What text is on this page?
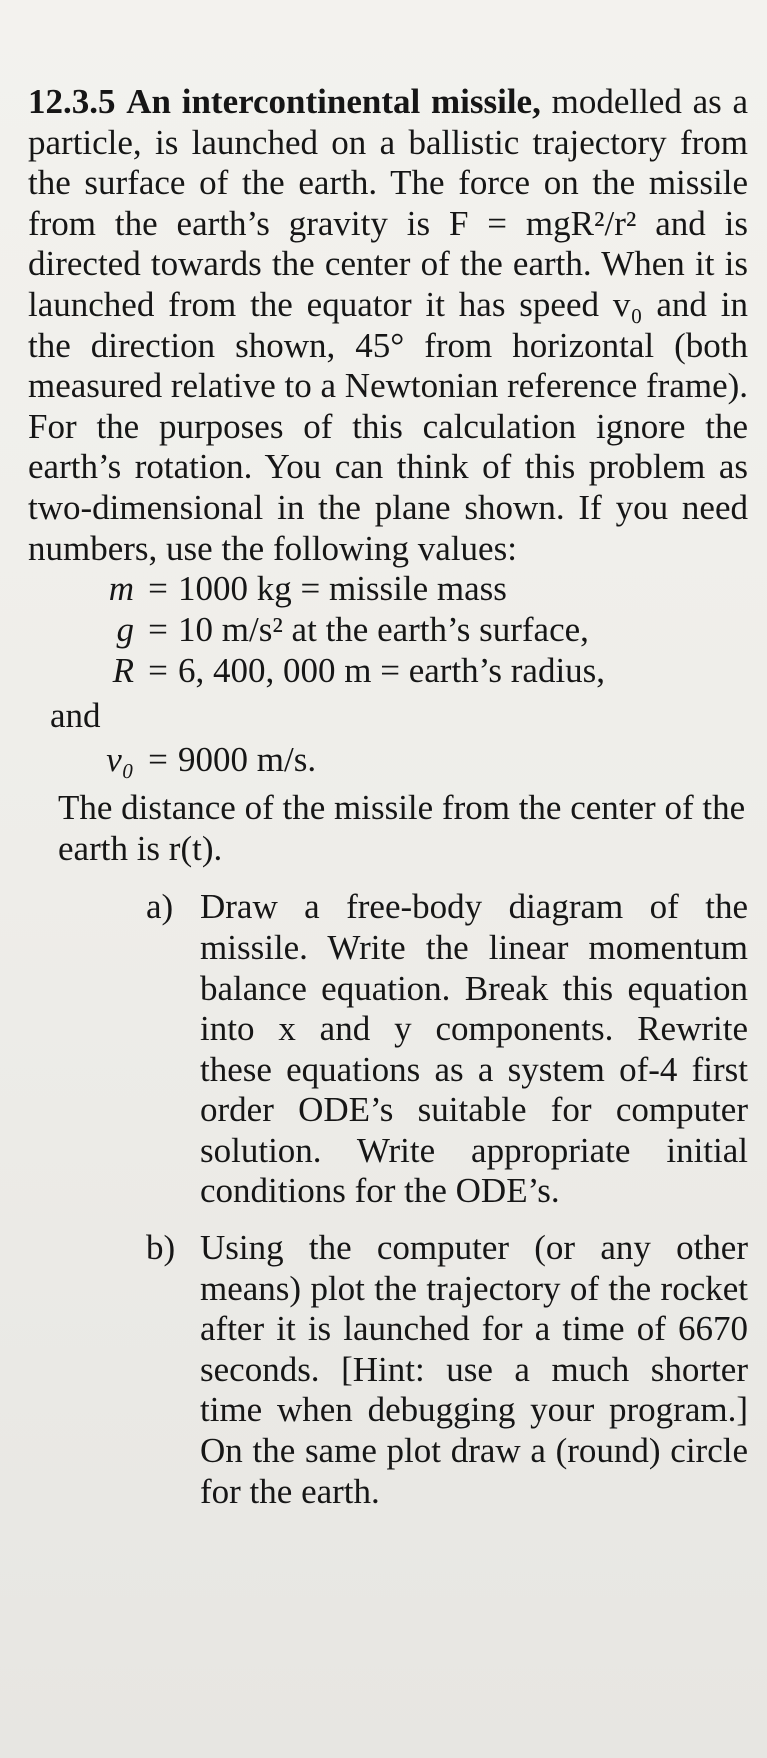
12.3.5 An intercontinental missile, modelled as a particle, is launched on a ballistic trajectory from the surface of the earth. The force on the missile from the earth’s gravity is F = mgR²/r² and is directed towards the center of the earth. When it is launched from the equator it has speed v₀ and in the direction shown, 45° from horizontal (both measured relative to a Newtonian reference frame). For the purposes of this calculation ignore the earth’s rotation. You can think of this problem as two-dimensional in the plane shown. If you need numbers, use the following values:

m = 1000 kg = missile mass
g = 10 m/s² at the earth’s surface,
R = 6, 400, 000 m = earth’s radius,

and

v₀ = 9000 m/s.

The distance of the missile from the center of the earth is r(t).

a) Draw a free-body diagram of the missile. Write the linear momentum balance equation. Break this equation into x and y components. Rewrite these equations as a system of-4 first order ODE’s suitable for computer solution. Write appropriate initial conditions for the ODE’s.
b) Using the computer (or any other means) plot the trajectory of the rocket after it is launched for a time of 6670 seconds. [Hint: use a much shorter time when debugging your program.] On the same plot draw a (round) circle for the earth.
